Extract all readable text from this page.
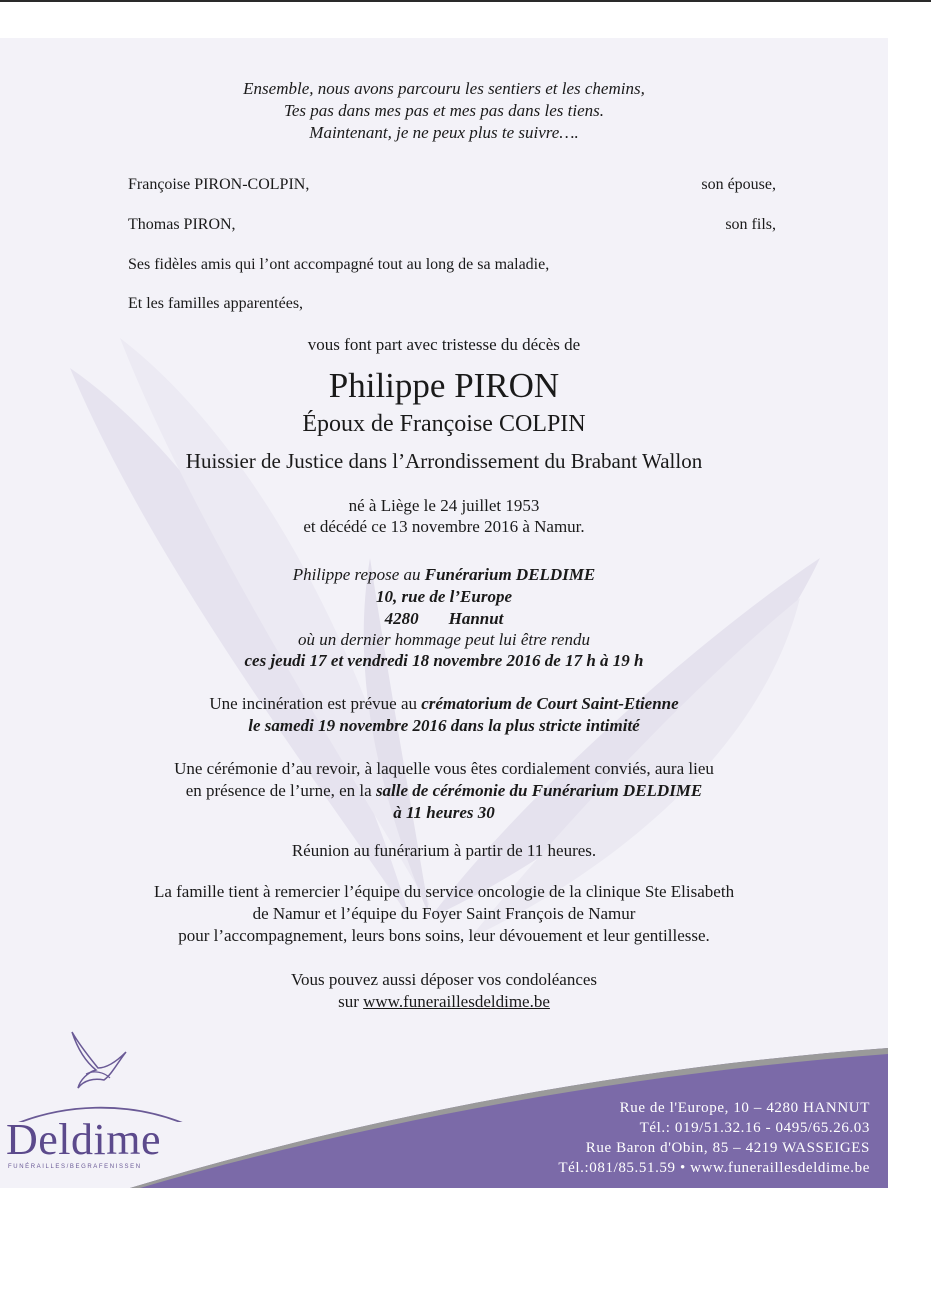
Ensemble, nous avons parcouru les sentiers et les chemins,
Tes pas dans mes pas et mes pas dans les tiens.
Maintenant, je ne peux plus te suivre….
Françoise PIRON-COLPIN,	son épouse,
Thomas PIRON,	son fils,
Ses fidèles amis qui l’ont accompagné tout au long de sa maladie,
Et les familles apparentées,
vous font part avec tristesse du décès de
Philippe PIRON
Époux de Françoise COLPIN
Huissier de Justice dans l’Arrondissement du Brabant Wallon
né à Liège le 24 juillet 1953
et décédé ce 13 novembre 2016 à Namur.
Philippe repose au Funérarium DELDIME
10, rue de l’Europe
4280 Hannut
où un dernier hommage peut lui être rendu
ces jeudi 17 et vendredi 18 novembre 2016 de 17 h à 19 h
Une incinération est prévue au crématorium de Court Saint-Etienne
le samedi 19 novembre 2016 dans la plus stricte intimité
Une cérémonie d’au revoir, à laquelle vous êtes cordialement conviés, aura lieu
en présence de l’urne, en la salle de cérémonie du Funérarium DELDIME
à 11 heures 30
Réunion au funérarium à partir de 11 heures.
La famille tient à remercier l’équipe du service oncologie de la clinique Ste Elisabeth
de Namur et l’équipe du Foyer Saint François de Namur
pour l’accompagnement, leurs bons soins, leur dévouement et leur gentillesse.
Vous pouvez aussi déposer vos condoléances
sur www.funeraillesdeldime.be
Deldime
FUNÉRAILLES/BEGRAFENISSEN
Rue de l'Europe, 10 – 4280 HANNUT
Tél.: 019/51.32.16 - 0495/65.26.03
Rue Baron d'Obin, 85 – 4219 WASSEIGES
Tél.:081/85.51.59 • www.funeraillesdeldime.be
